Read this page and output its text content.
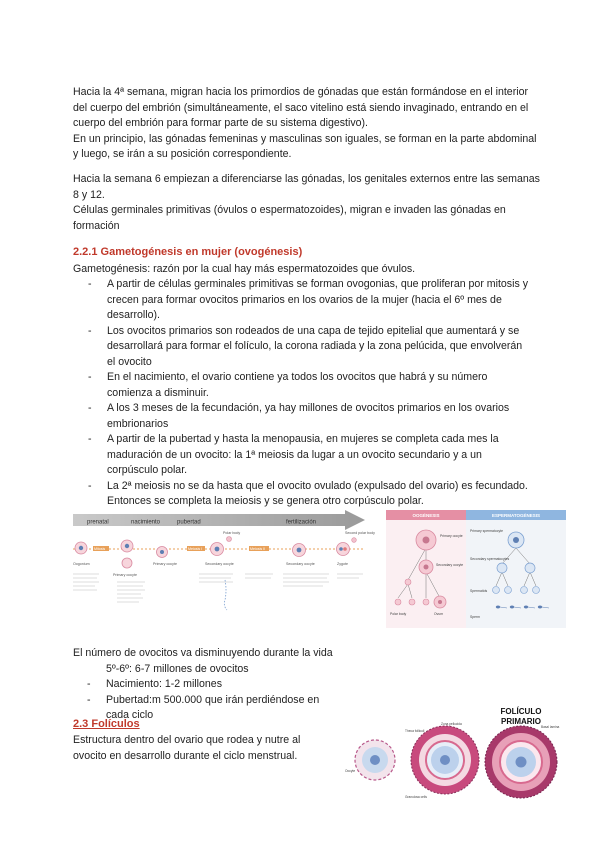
Hacia la 4ª semana, migran hacia los primordios de gónadas que están formándose en el interior del cuerpo del embrión (simultáneamente, el saco vitelino está siendo invaginado, entrando en el cuerpo del embrión para formar parte de su sistema digestivo).
En un principio, las gónadas femeninas y masculinas son iguales, se forman en la parte abdominal y luego, se irán a su posición correspondiente.
Hacia la semana 6 empiezan a diferenciarse las gónadas, los genitales externos entre las semanas 8 y 12.
Células germinales primitivas (óvulos o espermatozoides), migran e invaden las gónadas en formación
2.2.1 Gametogénesis en mujer (ovogénesis)
Gametogénesis: razón por la cual hay más espermatozoides que óvulos.
- A partir de células germinales primitivas se forman ovogonias, que proliferan por mitosis y crecen para formar ovocitos primarios en los ovarios de la mujer (hacia el 6º mes de desarrollo).
- Los ovocitos primarios son rodeados de una capa de tejido epitelial que aumentará y se desarrollará para formar el folículo, la corona radiada y la zona pelúcida, que envolverán el ovocito
- En el nacimiento, el ovario contiene ya todos los ovocitos que habrá y su número comienza a disminuir.
- A los 3 meses de la fecundación, ya hay millones de ovocitos primarios en los ovarios embrionarios
- A partir de la pubertad y hasta la menopausia, en mujeres se completa cada mes la maduración de un ovocito: la 1ª meiosis da lugar a un ovocito secundario y a un corpúsculo polar.
- La 2ª meiosis no se da hasta que el ovocito ovulado (expulsado del ovario) es fecundado. Entonces se completa la meiosis y se genera otro corpúsculo polar.
prenatal	nacimiento	pubertad	fertilización
Mitosis	Meiosis I	Meiosis II
Oogonium
Primary oocyte
Primary oocyte	Secondary oocyte
Polar body
Secondary oocyte
Second polar body
Zygote
OOGÉNESIS	ESPERMATOGÉNESIS
Primary oocyte
Secondary oocyte
Polar body	Ovum
Primary spermatocyte
Secondary spermatocytes
Spermatids
Sperm
El número de ovocitos va disminuyendo durante la vida
5º-6º: 6-7 millones de ovocitos
- Nacimiento: 1-2 millones
- Pubertad:m 500.000 que irán perdiéndose en cada ciclo
2.3 Folículos
Estructura dentro del ovario que rodea y nutre al ovocito en desarrollo durante el ciclo menstrual.
FOLÍCULO PRIMARIO
Oocyte
Granulosa cells
Zona pellucida
Theca folliculi
Basal lamina
